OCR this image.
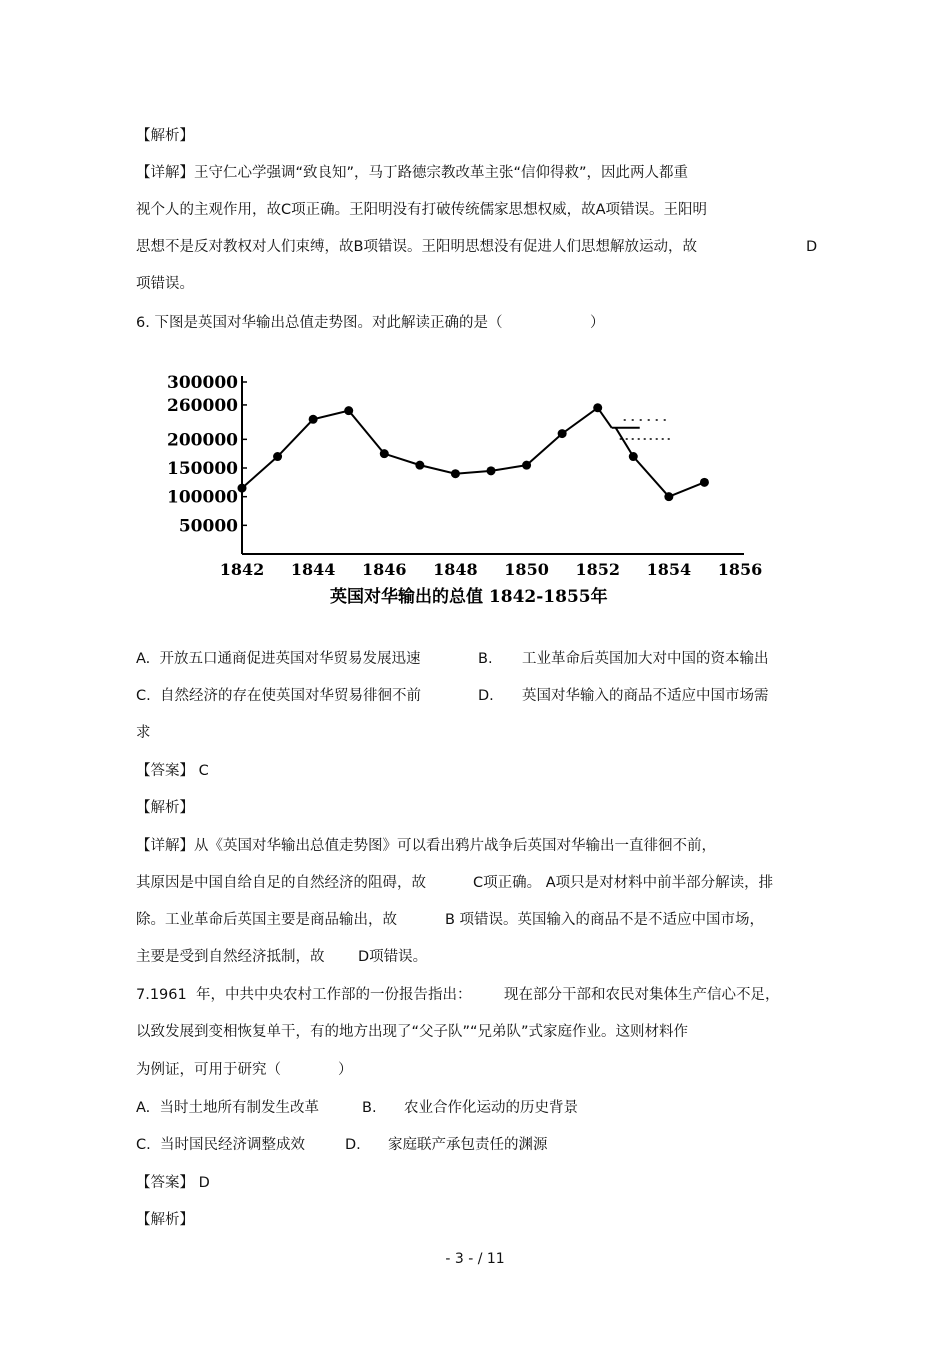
【解析】
【详解】王守仁心学强调“致良知”，马丁路德宗教改革主张“信仰得救”，因此两人都重
视个人的主观作用，故C项正确。王阳明没有打破传统儒家思想权威，故A项错误。王阳明
思想不是反对教权对人们束缚，故B项错误。王阳明思想没有促进人们思想解放运动，故	D
项错误。
6. 下图是英国对华输出总值走势图。对此解读正确的是（	）
300000
260000
200000
150000
100000
50000
1842 1844 1846 1848 1850 1852 1854 1856
英国对华输出的总值 1842-1855年
A.  开放五口通商促进英国对华贸易发展迅速	B. 工业革命后英国加大对中国的资本输出
C.  自然经济的存在使英国对华贸易徘徊不前	D. 英国对华输入的商品不适应中国市场需
求
【答案】 C
【解析】
【详解】从《英国对华输出总值走势图》可以看出鸦片战争后英国对华输出一直徘徊不前，
其原因是中国自给自足的自然经济的阻碍，故	C项正确。 A项只是对材料中前半部分解读，排
除。工业革命后英国主要是商品输出，故	B 项错误。英国输入的商品不是不适应中国市场，
主要是受到自然经济抵制，故 D项错误。
7.1961  年，中共中央农村工作部的一份报告指出： 现在部分干部和农民对集体生产信心不足，
以致发展到变相恢复单干，有的地方出现了“父子队”“兄弟队”式家庭作业。这则材料作
为例证，可用于研究（	）
A.  当时土地所有制发生改革	B. 农业合作化运动的历史背景
C.  当时国民经济调整成效	D. 家庭联产承包责任的渊源
【答案】 D
【解析】
- 3 - / 11
